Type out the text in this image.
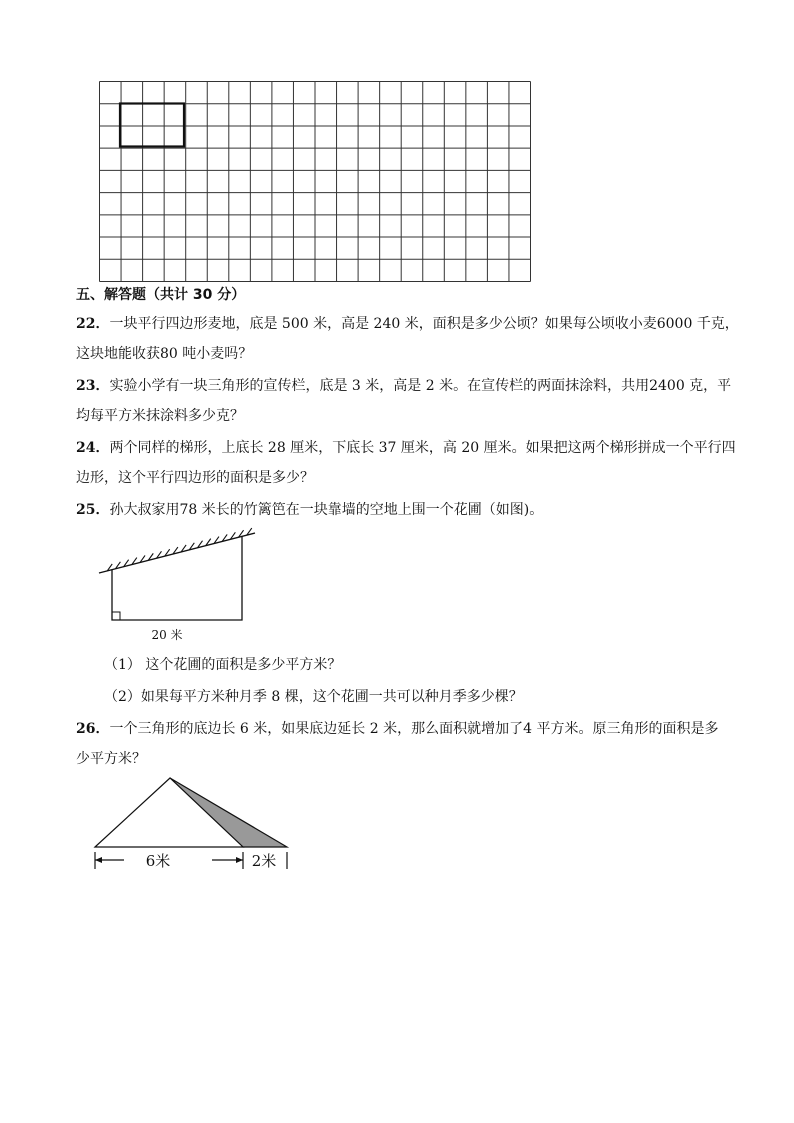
五、解答题（共计 30 分）
22．一块平行四边形麦地，底是 500 米，高是 240 米，面积是多少公顷？如果每公顷收小麦6000 千克，
这块地能收获80 吨小麦吗？
23．实验小学有一块三角形的宣传栏，底是 3 米，高是 2 米。在宣传栏的两面抹涂料，共用2400 克，平
均每平方米抹涂料多少克？
24．两个同样的梯形，上底长 28 厘米，下底长 37 厘米，高 20 厘米。如果把这两个梯形拼成一个平行四
边形，这个平行四边形的面积是多少？
25．孙大叔家用78 米长的竹篱笆在一块靠墙的空地上围一个花圃（如图)。
20 米
（1） 这个花圃的面积是多少平方米？
（2）如果每平方米种月季 8 棵，这个花圃一共可以种月季多少棵？
26．一个三角形的底边长 6 米，如果底边延长 2 米，那么面积就增加了4 平方米。原三角形的面积是多
少平方米？
6米	2米
